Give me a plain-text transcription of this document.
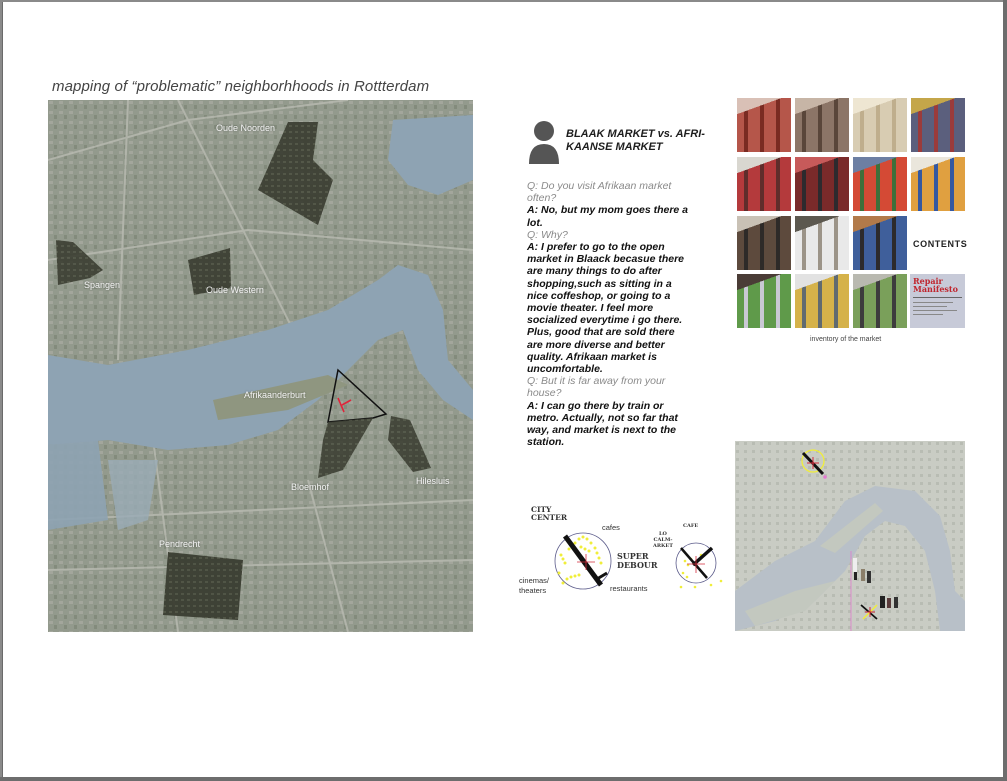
mapping of “problematic” neighborhhoods in Rottterdam
Oude Noorden
Spangen	Oude Western
Afrikaanderburt
Bloemhof
Hilesluis
Pendrecht
BLAAK MARKET vs. AFRI-
KAANSE MARKET
Q: Do you visit Afrikaan market
often?
A: No, but my mom goes there a
lot.
Q: Why?
A: I prefer to go to the open
market in Blaack becasue there
are many things to do after
shopping,such as sitting in a
nice coffeshop, or going to a
movie theater. I feel more
socialized everytime i go there.
Plus, good that are sold there
are more diverse and better
quality. Afrikaan market is
uncomfortable.
Q: But it is far away from your
house?
A: I can go there by train or
metro. Actually, not so far that
way, and market is next to the
station.
CITY
CENTER
cafes
SUPER
DEBOUR
cinemas/
theaters	restaurants
CAFE
LO
CALM-
ARKET
CONTENTS
Repair
Manifesto
inventory of the market
